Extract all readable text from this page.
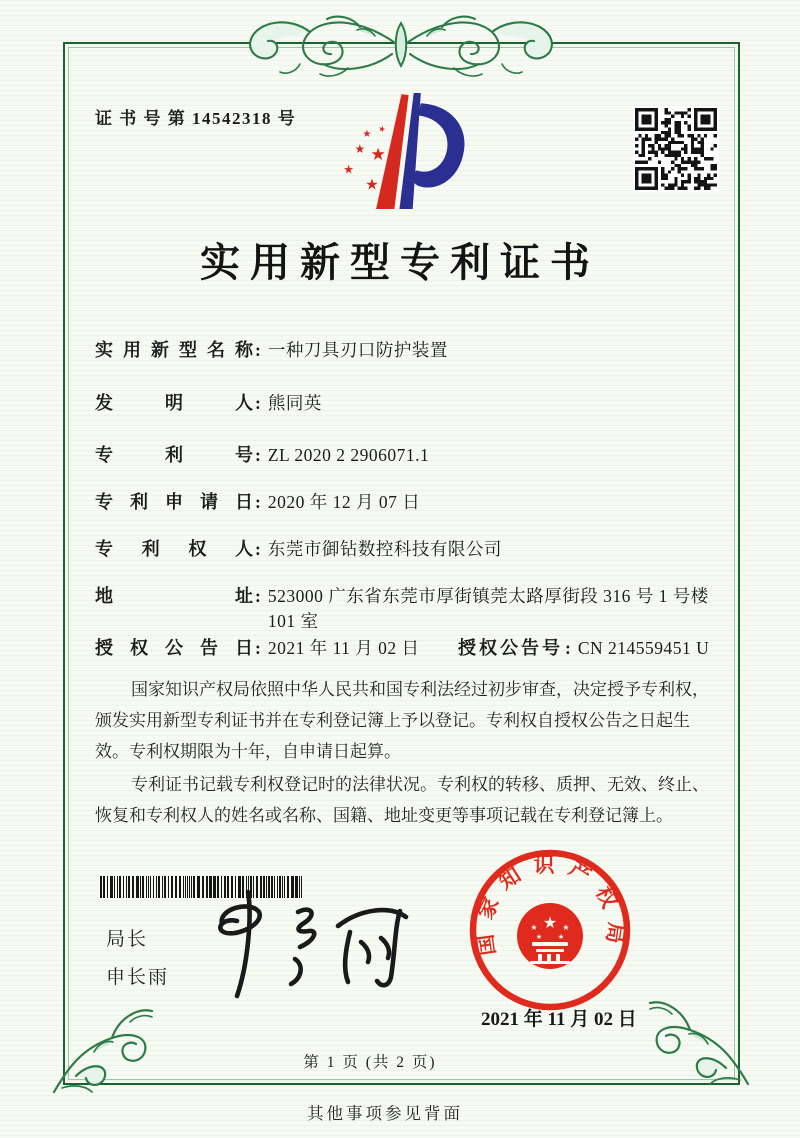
证 书 号 第 14542318 号
★ ★
★ ★
★
★
实用新型专利证书
实用新型名称 : 一种刀具刃口防护装置
发明人 : 熊同英
专利号 : ZL 2020 2 2906071.1
专利申请日 : 2020 年 12 月 07 日
专利权人 : 东莞市御钻数控科技有限公司
地址 : 523000 广东省东莞市厚街镇莞太路厚街段 316 号 1 号楼 101 室
授权公告日 : 2021 年 11 月 02 日	授权公告号 : CN 214559451 U

国家知识产权局依照中华人民共和国专利法经过初步审查，决定授予专利权，颁发实用新型专利证书并在专利登记簿上予以登记。专利权自授权公告之日起生效。专利权期限为十年，自申请日起算。

专利证书记载专利权登记时的法律状况。专利权的转移、质押、无效、终止、恢复和专利权人的姓名或名称、国籍、地址变更等事项记载在专利登记簿上。

局长
申长雨
国家知识产权局
★
★	★
★ ★
2021 年 11 月 02 日
第 1 页 (共 2 页)
其他事项参见背面
